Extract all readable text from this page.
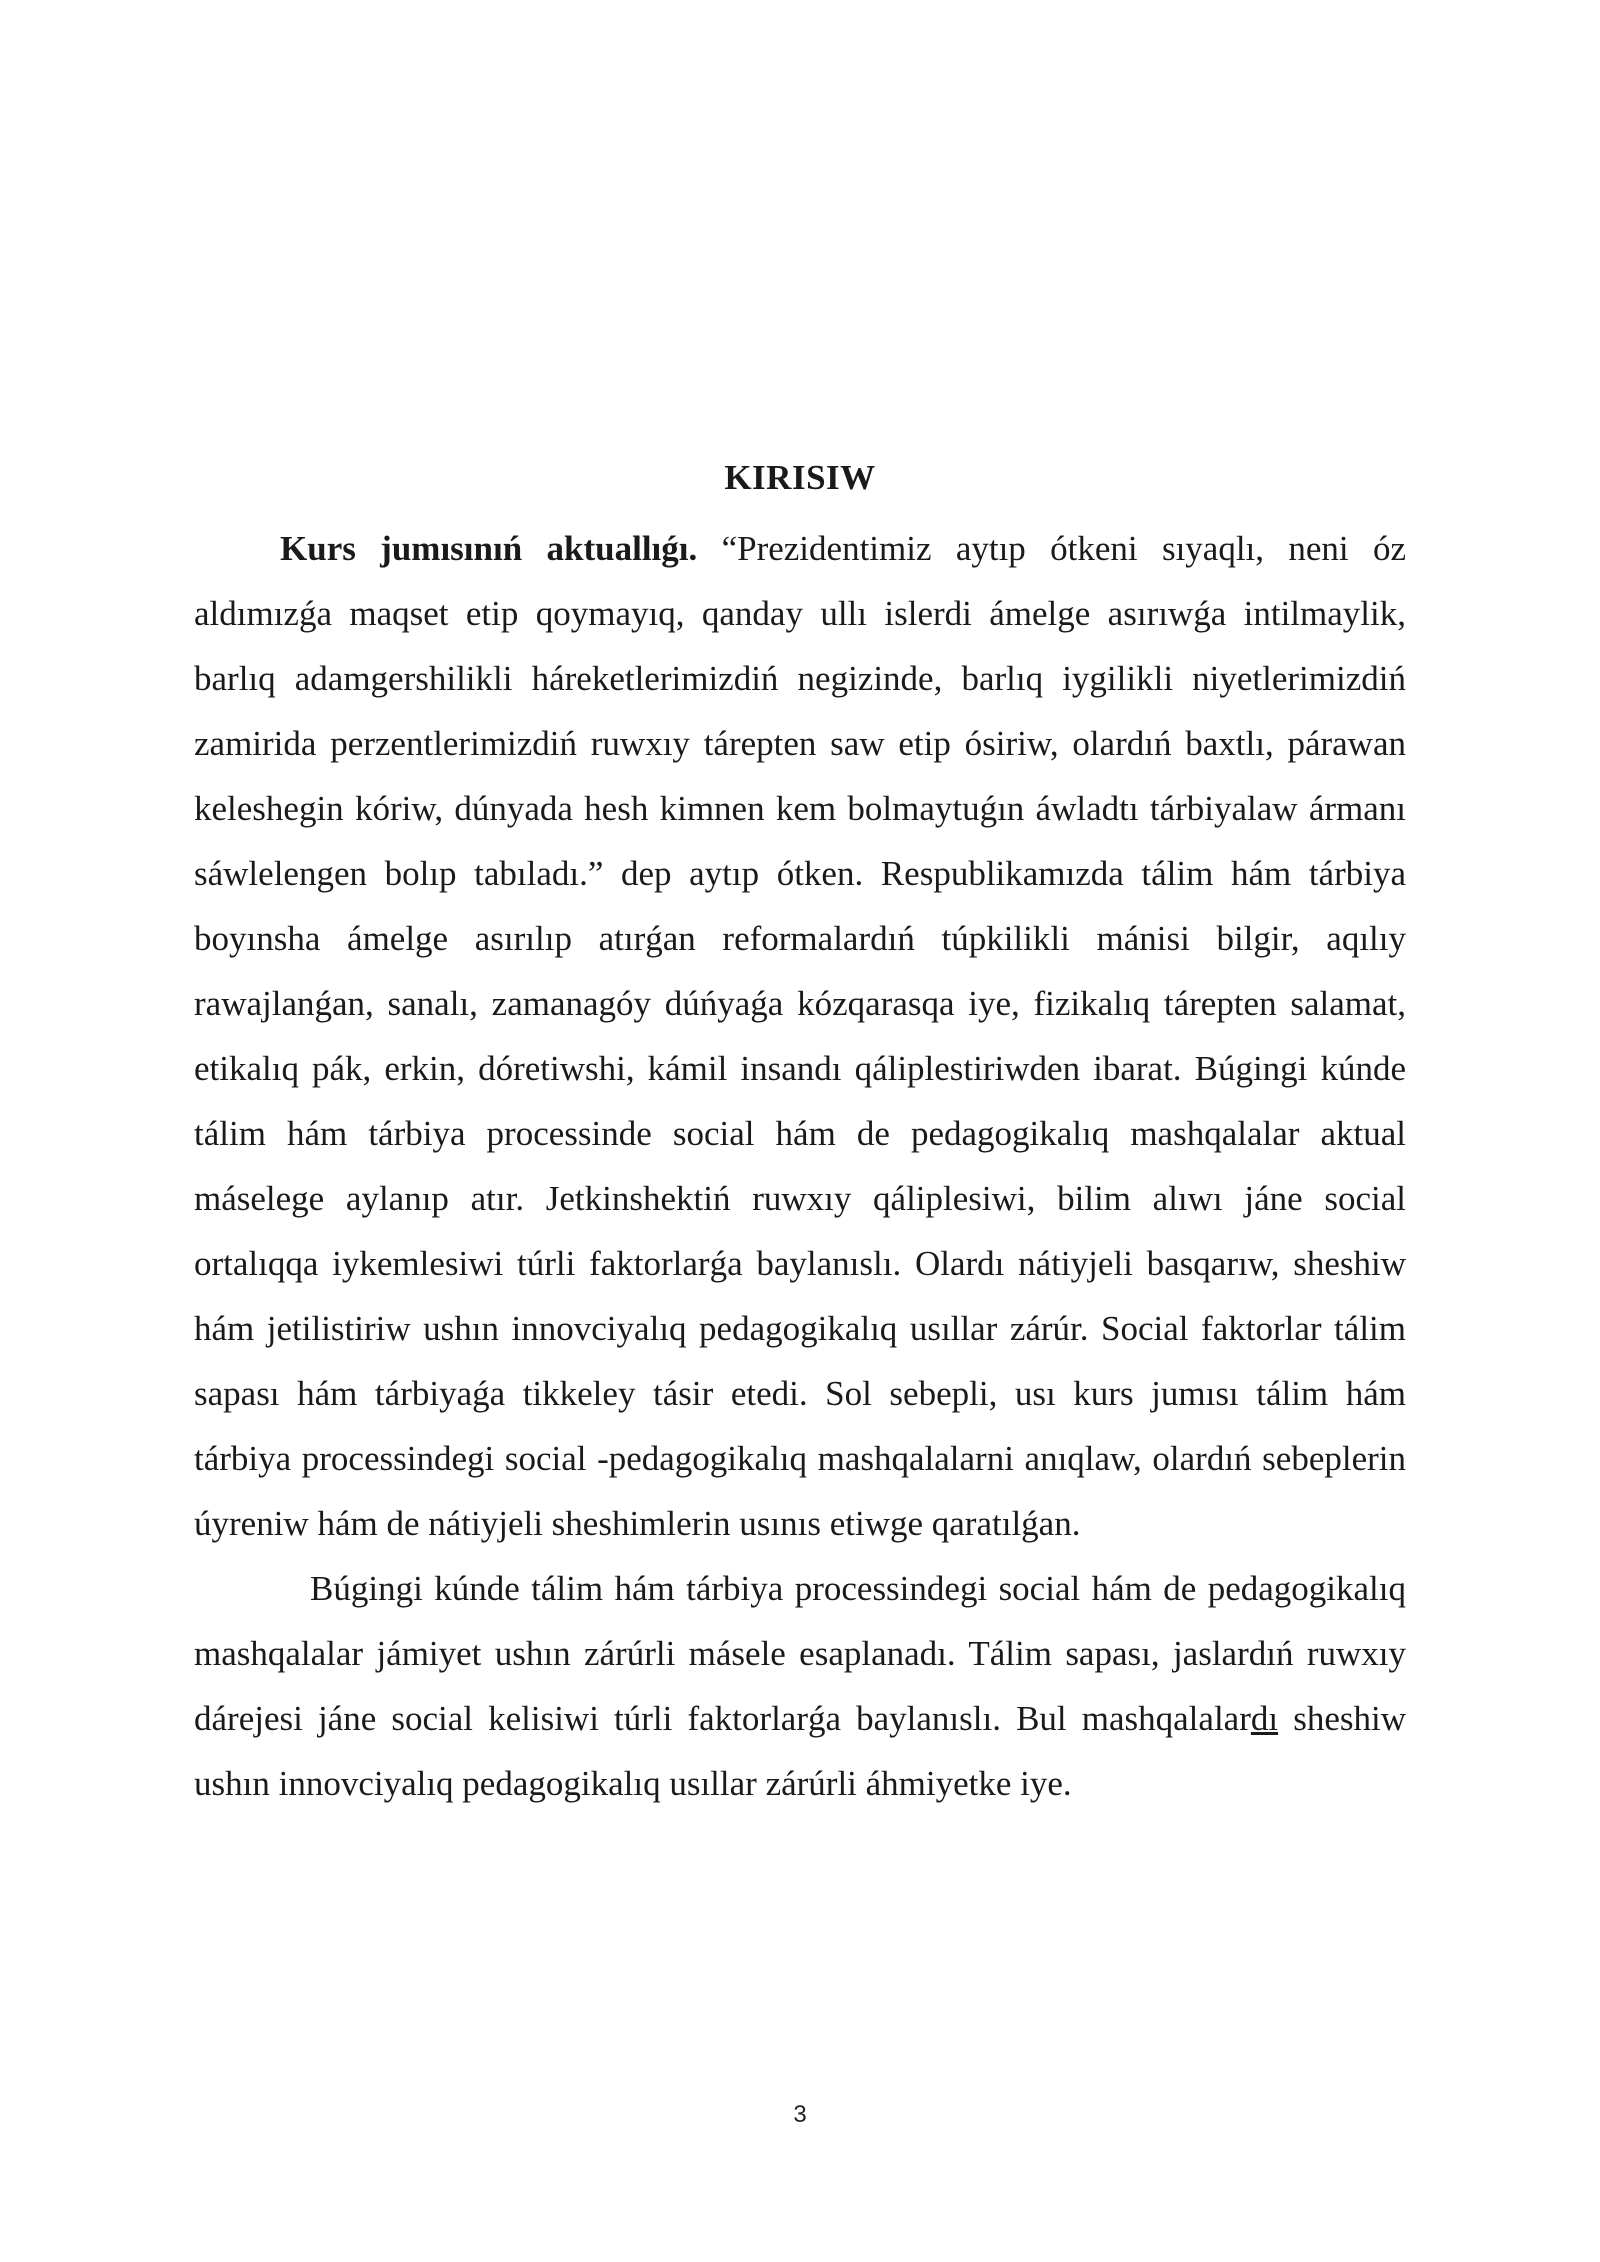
KIRISIW

Kurs jumısınıń aktuallıǵı. “Prezidentimiz aytıp ótkeni sıyaqlı, neni óz aldımızǵa maqset etip qoymayıq, qanday ullı islerdi ámelge asırıwǵa intilmaylik, barlıq adamgershilikli háreketlerimizdiń negizinde, barlıq iygilikli niyetlerimizdiń zamirida perzentlerimizdiń ruwxıy tárepten saw etip ósiriw, olardıń baxtlı, párawan keleshegin kóriw, dúnyada hesh kimnen kem bolmaytuǵın áwladtı tárbiyalaw ármanı sáwlelengen bolıp tabıladı.” dep aytıp ótken. Respublikamızda tálim hám tárbiya boyınsha ámelge asırılıp atırǵan reformalardıń túpkilikli mánisi bilgir, aqılıy rawajlanǵan, sanalı, zamanagóy dúńyaǵa kózqarasqa iye, fizikalıq tárepten salamat, etikalıq pák, erkin, dóretiwshi, kámil insandı qáliplestiriwden ibarat. Búgingi kúnde tálim hám tárbiya processinde social hám de pedagogikalıq mashqalalar aktual máselege aylanıp atır. Jetkinshektiń ruwxıy qáliplesiwi, bilim alıwı jáne social ortalıqqa iykemlesiwi túrli faktorlarǵa baylanıslı. Olardı nátiyjeli basqarıw, sheshiw hám jetilistiriw ushın innovciyalıq pedagogikalıq usıllar zárúr. Social faktorlar tálim sapası hám tárbiyaǵa tikkeley tásir etedi. Sol sebepli, usı kurs jumısı tálim hám tárbiya processindegi social -pedagogikalıq mashqalalarni anıqlaw, olardıń sebeplerin úyreniw hám de nátiyjeli sheshimlerin usınıs etiwge qaratılǵan.

Búgingi kúnde tálim hám tárbiya processindegi social hám de pedagogikalıq mashqalalar jámiyet ushın zárúrli másele esaplanadı. Tálim sapası, jaslardıń ruwxıy dárejesi jáne social kelisiwi túrli faktorlarǵa baylanıslı. Bul mashqalalardı sheshiw ushın innovciyalıq pedagogikalıq usıllar zárúrli áhmiyetke iye.

3
